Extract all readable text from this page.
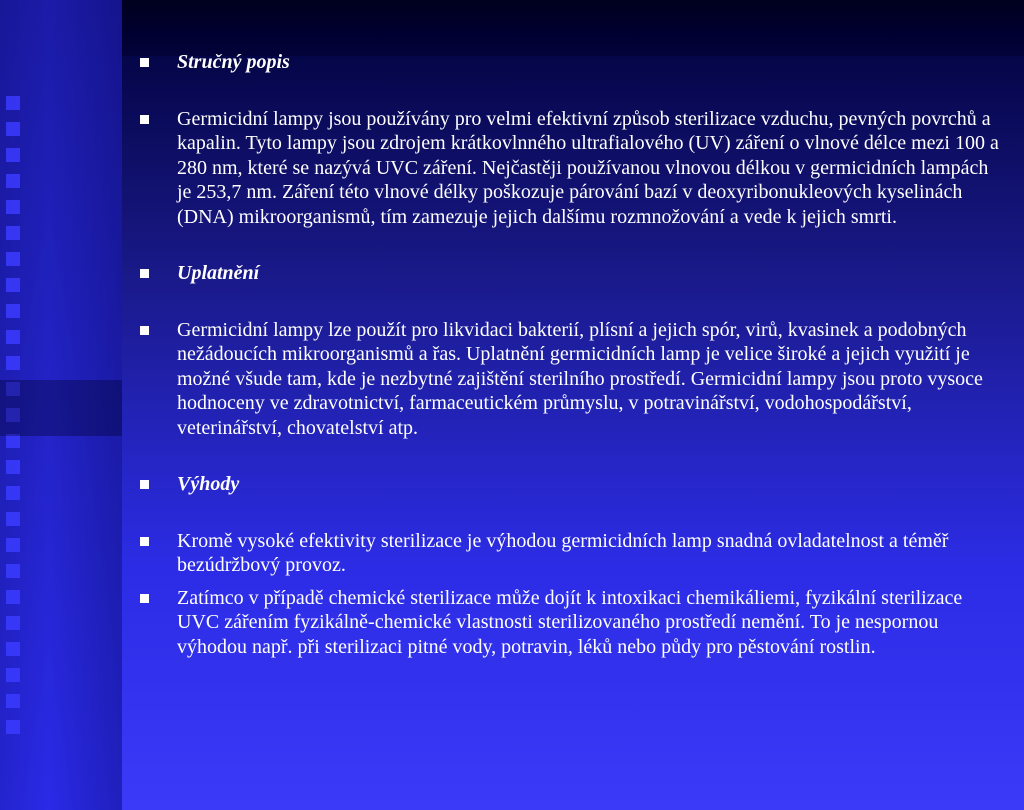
Stručný popis
Germicidní lampy jsou používány pro velmi efektivní způsob sterilizace vzduchu, pevných povrchů a kapalin. Tyto lampy jsou zdrojem krátkovlnného ultrafialového (UV) záření o vlnové délce mezi 100 a 280 nm, které se nazývá UVC záření. Nejčastěji používanou vlnovou délkou v germicidních lampách je 253,7 nm. Záření této vlnové délky poškozuje párování bazí v deoxyribonukleových kyselinách (DNA) mikroorganismů, tím zamezuje jejich dalšímu rozmnožování a vede k jejich smrti.
Uplatnění
Germicidní lampy lze použít pro likvidaci bakterií, plísní a jejich spór, virů, kvasinek a podobných nežádoucích mikroorganismů a řas. Uplatnění germicidních lamp je velice široké a jejich využití je možné všude tam, kde je nezbytné zajištění sterilního prostředí. Germicidní lampy jsou proto vysoce hodnoceny ve zdravotnictví, farmaceutickém průmyslu, v potravinářství, vodohospodářství, veterinářství, chovatelství atp.
Výhody
Kromě vysoké efektivity sterilizace je výhodou germicidních lamp snadná ovladatelnost a téměř bezúdržbový provoz.
Zatímco v případě chemické sterilizace může dojít k intoxikaci chemikáliemi, fyzikální sterilizace UVC zářením fyzikálně-chemické vlastnosti sterilizovaného prostředí nemění. To je nespornou výhodou např. při sterilizaci pitné vody, potravin, léků nebo půdy pro pěstování rostlin.
